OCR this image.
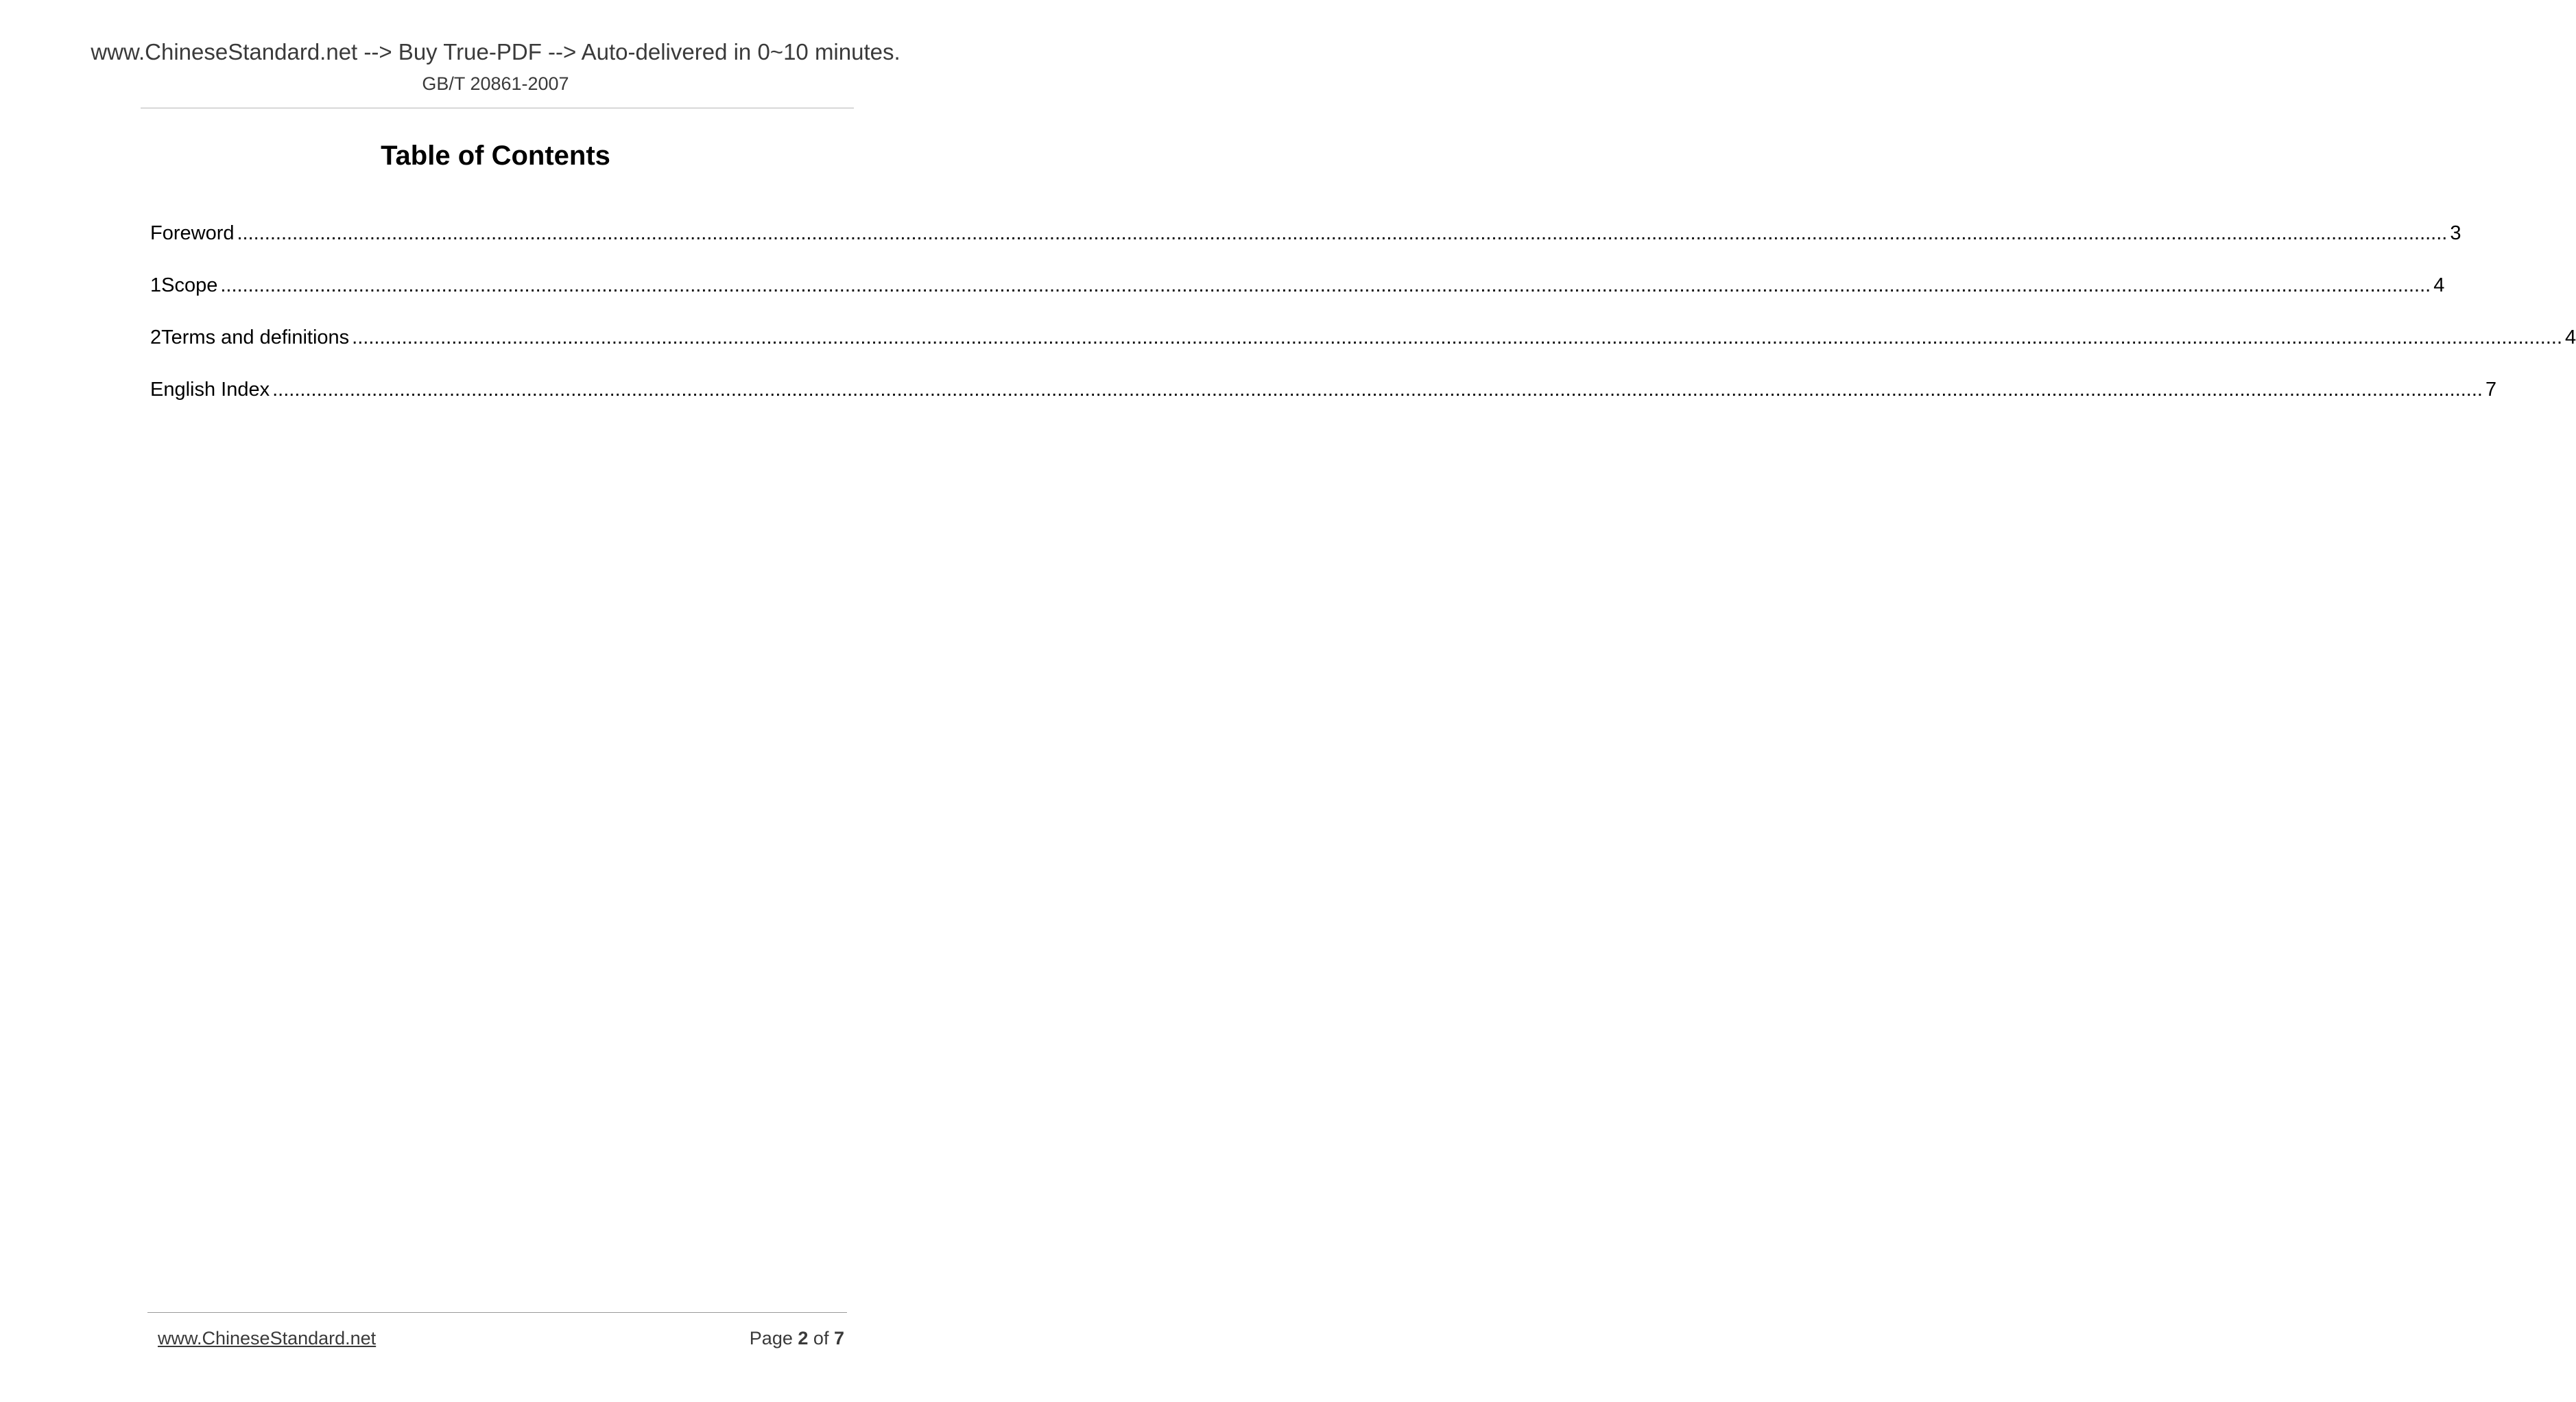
www.ChineseStandard.net --> Buy True-PDF --> Auto-delivered in 0~10 minutes.
GB/T 20861-2007
Table of Contents
Foreword ................................................................................................................................................................................................................................................................................................................................................................................................................ 3
1 Scope ................................................................................................................................................................................................................................................................................................................................................................................................................ 4
2 Terms and definitions ................................................................................................................................................................................................................................................................................................................................................................................................................ 4
English Index ................................................................................................................................................................................................................................................................................................................................................................................................................ 7
www.ChineseStandard.net	Page 2 of 7
